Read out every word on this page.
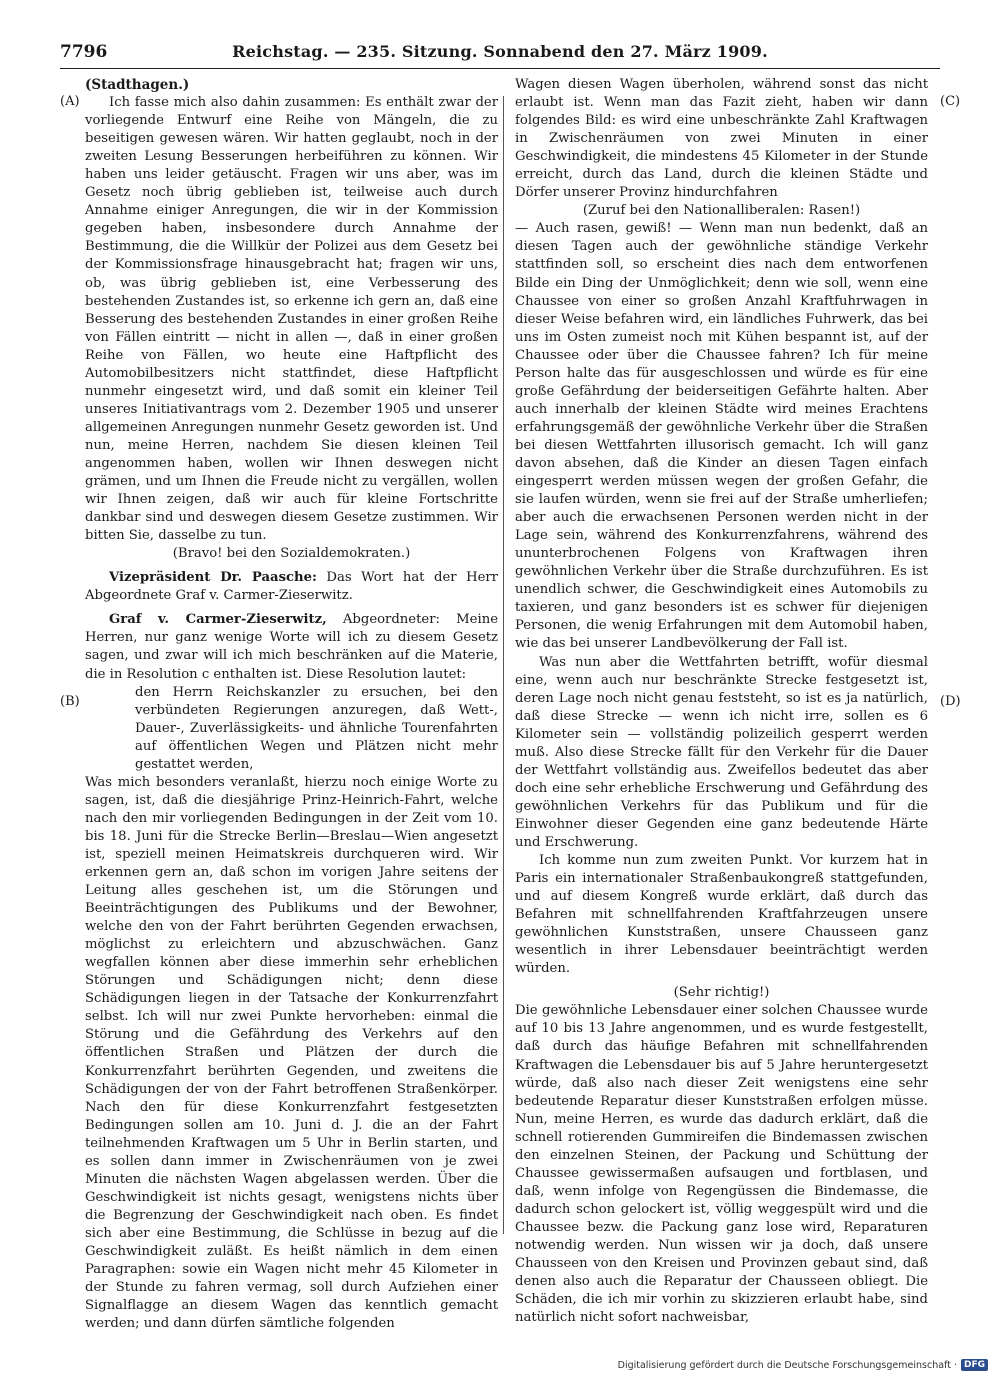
7796	Reichstag. — 235. Sitzung. Sonnabend den 27. März 1909.
(A)
(B)
(C)
(D)

(Stadthagen.)

Ich fasse mich also dahin zusammen: Es enthält zwar der vorliegende Entwurf eine Reihe von Mängeln, die zu beseitigen gewesen wären. Wir hatten geglaubt, noch in der zweiten Lesung Besserungen herbeiführen zu können. Wir haben uns leider getäuscht. Fragen wir uns aber, was im Gesetz noch übrig geblieben ist, teilweise auch durch Annahme einiger Anregungen, die wir in der Kommission gegeben haben, insbesondere durch Annahme der Bestimmung, die die Willkür der Polizei aus dem Gesetz bei der Kommissionsfrage hinausgebracht hat; fragen wir uns, ob, was übrig geblieben ist, eine Verbesserung des bestehenden Zustandes ist, so erkenne ich gern an, daß eine Besserung des bestehenden Zustandes in einer großen Reihe von Fällen eintritt — nicht in allen —, daß in einer großen Reihe von Fällen, wo heute eine Haftpflicht des Automobilbesitzers nicht stattfindet, diese Haftpflicht nunmehr eingesetzt wird, und daß somit ein kleiner Teil unseres Initiativantrags vom 2. Dezember 1905 und unserer allgemeinen Anregungen nunmehr Gesetz geworden ist. Und nun, meine Herren, nachdem Sie diesen kleinen Teil angenommen haben, wollen wir Ihnen deswegen nicht grämen, und um Ihnen die Freude nicht zu vergällen, wollen wir Ihnen zeigen, daß wir auch für kleine Fortschritte dankbar sind und deswegen diesem Gesetze zustimmen. Wir bitten Sie, dasselbe zu tun.

(Bravo! bei den Sozialdemokraten.)

Vizepräsident Dr. Paasche: Das Wort hat der Herr Abgeordnete Graf v. Carmer-Zieserwitz.

Graf v. Carmer-Zieserwitz, Abgeordneter: Meine Herren, nur ganz wenige Worte will ich zu diesem Gesetz sagen, und zwar will ich mich beschränken auf die Materie, die in Resolution c enthalten ist. Diese Resolution lautet:

den Herrn Reichskanzler zu ersuchen, bei den verbündeten Regierungen anzuregen, daß Wett-, Dauer-, Zuverlässigkeits- und ähnliche Tourenfahrten auf öffentlichen Wegen und Plätzen nicht mehr gestattet werden,

Was mich besonders veranlaßt, hierzu noch einige Worte zu sagen, ist, daß die diesjährige Prinz-Heinrich-Fahrt, welche nach den mir vorliegenden Bedingungen in der Zeit vom 10. bis 18. Juni für die Strecke Berlin—Breslau—Wien angesetzt ist, speziell meinen Heimatskreis durchqueren wird. Wir erkennen gern an, daß schon im vorigen Jahre seitens der Leitung alles geschehen ist, um die Störungen und Beeinträchtigungen des Publikums und der Bewohner, welche den von der Fahrt berührten Gegenden erwachsen, möglichst zu erleichtern und abzuschwächen. Ganz wegfallen können aber diese immerhin sehr erheblichen Störungen und Schädigungen nicht; denn diese Schädigungen liegen in der Tatsache der Konkurrenzfahrt selbst. Ich will nur zwei Punkte hervorheben: einmal die Störung und die Gefährdung des Verkehrs auf den öffentlichen Straßen und Plätzen der durch die Konkurrenzfahrt berührten Gegenden, und zweitens die Schädigungen der von der Fahrt betroffenen Straßenkörper. Nach den für diese Konkurrenzfahrt festgesetzten Bedingungen sollen am 10. Juni d. J. die an der Fahrt teilnehmenden Kraftwagen um 5 Uhr in Berlin starten, und es sollen dann immer in Zwischenräumen von je zwei Minuten die nächsten Wagen abgelassen werden. Über die Geschwindigkeit ist nichts gesagt, wenigstens nichts über die Begrenzung der Geschwindigkeit nach oben. Es findet sich aber eine Bestimmung, die Schlüsse in bezug auf die Geschwindigkeit zuläßt. Es heißt nämlich in dem einen Paragraphen: sowie ein Wagen nicht mehr 45 Kilometer in der Stunde zu fahren vermag, soll durch Aufziehen einer Signalflagge an diesem Wagen das kenntlich gemacht werden; und dann dürfen sämtliche folgenden

Wagen diesen Wagen überholen, während sonst das nicht erlaubt ist. Wenn man das Fazit zieht, haben wir dann folgendes Bild: es wird eine unbeschränkte Zahl Kraftwagen in Zwischenräumen von zwei Minuten in einer Geschwindigkeit, die mindestens 45 Kilometer in der Stunde erreicht, durch das Land, durch die kleinen Städte und Dörfer unserer Provinz hindurchfahren

(Zuruf bei den Nationalliberalen: Rasen!)

— Auch rasen, gewiß! — Wenn man nun bedenkt, daß an diesen Tagen auch der gewöhnliche ständige Verkehr stattfinden soll, so erscheint dies nach dem entworfenen Bilde ein Ding der Unmöglichkeit; denn wie soll, wenn eine Chaussee von einer so großen Anzahl Kraftfuhrwagen in dieser Weise befahren wird, ein ländliches Fuhrwerk, das bei uns im Osten zumeist noch mit Kühen bespannt ist, auf der Chaussee oder über die Chaussee fahren? Ich für meine Person halte das für ausgeschlossen und würde es für eine große Gefährdung der beiderseitigen Gefährte halten. Aber auch innerhalb der kleinen Städte wird meines Erachtens erfahrungsgemäß der gewöhnliche Verkehr über die Straßen bei diesen Wettfahrten illusorisch gemacht. Ich will ganz davon absehen, daß die Kinder an diesen Tagen einfach eingesperrt werden müssen wegen der großen Gefahr, die sie laufen würden, wenn sie frei auf der Straße umherliefen; aber auch die erwachsenen Personen werden nicht in der Lage sein, während des Konkurrenzfahrens, während des ununterbrochenen Folgens von Kraftwagen ihren gewöhnlichen Verkehr über die Straße durchzuführen. Es ist unendlich schwer, die Geschwindigkeit eines Automobils zu taxieren, und ganz besonders ist es schwer für diejenigen Personen, die wenig Erfahrungen mit dem Automobil haben, wie das bei unserer Landbevölkerung der Fall ist.

Was nun aber die Wettfahrten betrifft, wofür diesmal eine, wenn auch nur beschränkte Strecke festgesetzt ist, deren Lage noch nicht genau feststeht, so ist es ja natürlich, daß diese Strecke — wenn ich nicht irre, sollen es 6 Kilometer sein — vollständig polizeilich gesperrt werden muß. Also diese Strecke fällt für den Verkehr für die Dauer der Wettfahrt vollständig aus. Zweifellos bedeutet das aber doch eine sehr erhebliche Erschwerung und Gefährdung des gewöhnlichen Verkehrs für das Publikum und für die Einwohner dieser Gegenden eine ganz bedeutende Härte und Erschwerung.

Ich komme nun zum zweiten Punkt. Vor kurzem hat in Paris ein internationaler Straßenbaukongreß stattgefunden, und auf diesem Kongreß wurde erklärt, daß durch das Befahren mit schnellfahrenden Kraftfahrzeugen unsere gewöhnlichen Kunststraßen, unsere Chausseen ganz wesentlich in ihrer Lebensdauer beeinträchtigt werden würden.

(Sehr richtig!)

Die gewöhnliche Lebensdauer einer solchen Chaussee wurde auf 10 bis 13 Jahre angenommen, und es wurde festgestellt, daß durch das häufige Befahren mit schnellfahrenden Kraftwagen die Lebensdauer bis auf 5 Jahre heruntergesetzt würde, daß also nach dieser Zeit wenigstens eine sehr bedeutende Reparatur dieser Kunststraßen erfolgen müsse. Nun, meine Herren, es wurde das dadurch erklärt, daß die schnell rotierenden Gummireifen die Bindemassen zwischen den einzelnen Steinen, der Packung und Schüttung der Chaussee gewissermaßen aufsaugen und fortblasen, und daß, wenn infolge von Regengüssen die Bindemasse, die dadurch schon gelockert ist, völlig weggespült wird und die Chaussee bezw. die Packung ganz lose wird, Reparaturen notwendig werden. Nun wissen wir ja doch, daß unsere Chausseen von den Kreisen und Provinzen gebaut sind, daß denen also auch die Reparatur der Chausseen obliegt. Die Schäden, die ich mir vorhin zu skizzieren erlaubt habe, sind natürlich nicht sofort nachweisbar,

Digitalisierung gefördert durch die Deutsche Forschungsgemeinschaft · DFG
